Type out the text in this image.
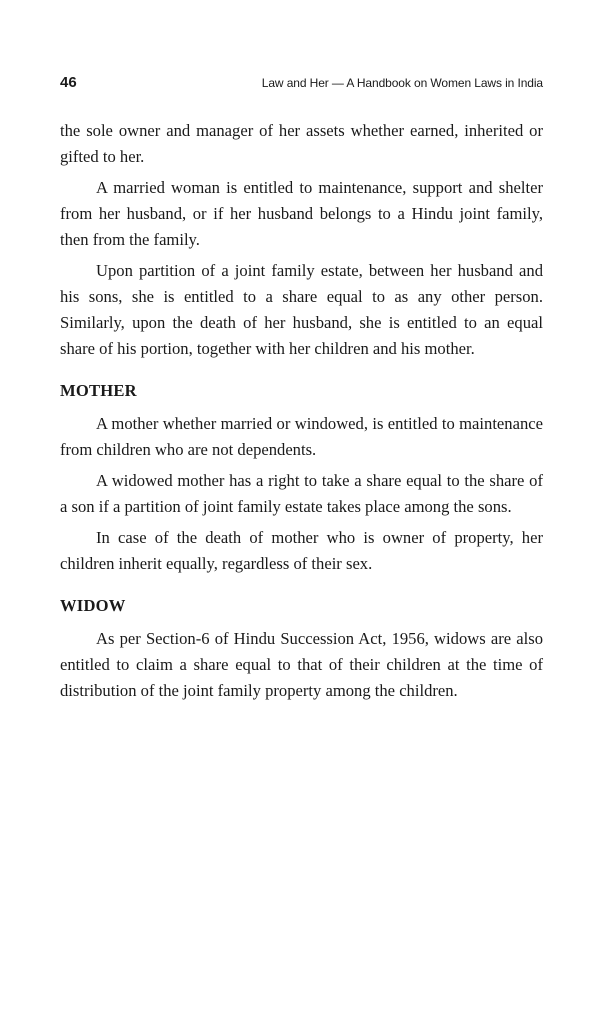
46	Law and Her — A Handbook on Women Laws in India

the sole owner and manager of her assets whether earned, inherited or gifted to her.

A married woman is entitled to maintenance, support and shelter from her husband, or if her husband belongs to a Hindu joint family, then from the family.

Upon partition of a joint family estate, between her husband and his sons, she is entitled to a share equal to as any other person. Similarly, upon the death of her husband, she is entitled to an equal share of his portion, together with her children and his mother.

MOTHER

A mother whether married or windowed, is entitled to maintenance from children who are not dependents.

A widowed mother has a right to take a share equal to the share of a son if a partition of joint family estate takes place among the sons.

In case of the death of mother who is owner of property, her children inherit equally, regardless of their sex.

WIDOW

As per Section-6 of Hindu Succession Act, 1956, widows are also entitled to claim a share equal to that of their children at the time of distribution of the joint family property among the children.
